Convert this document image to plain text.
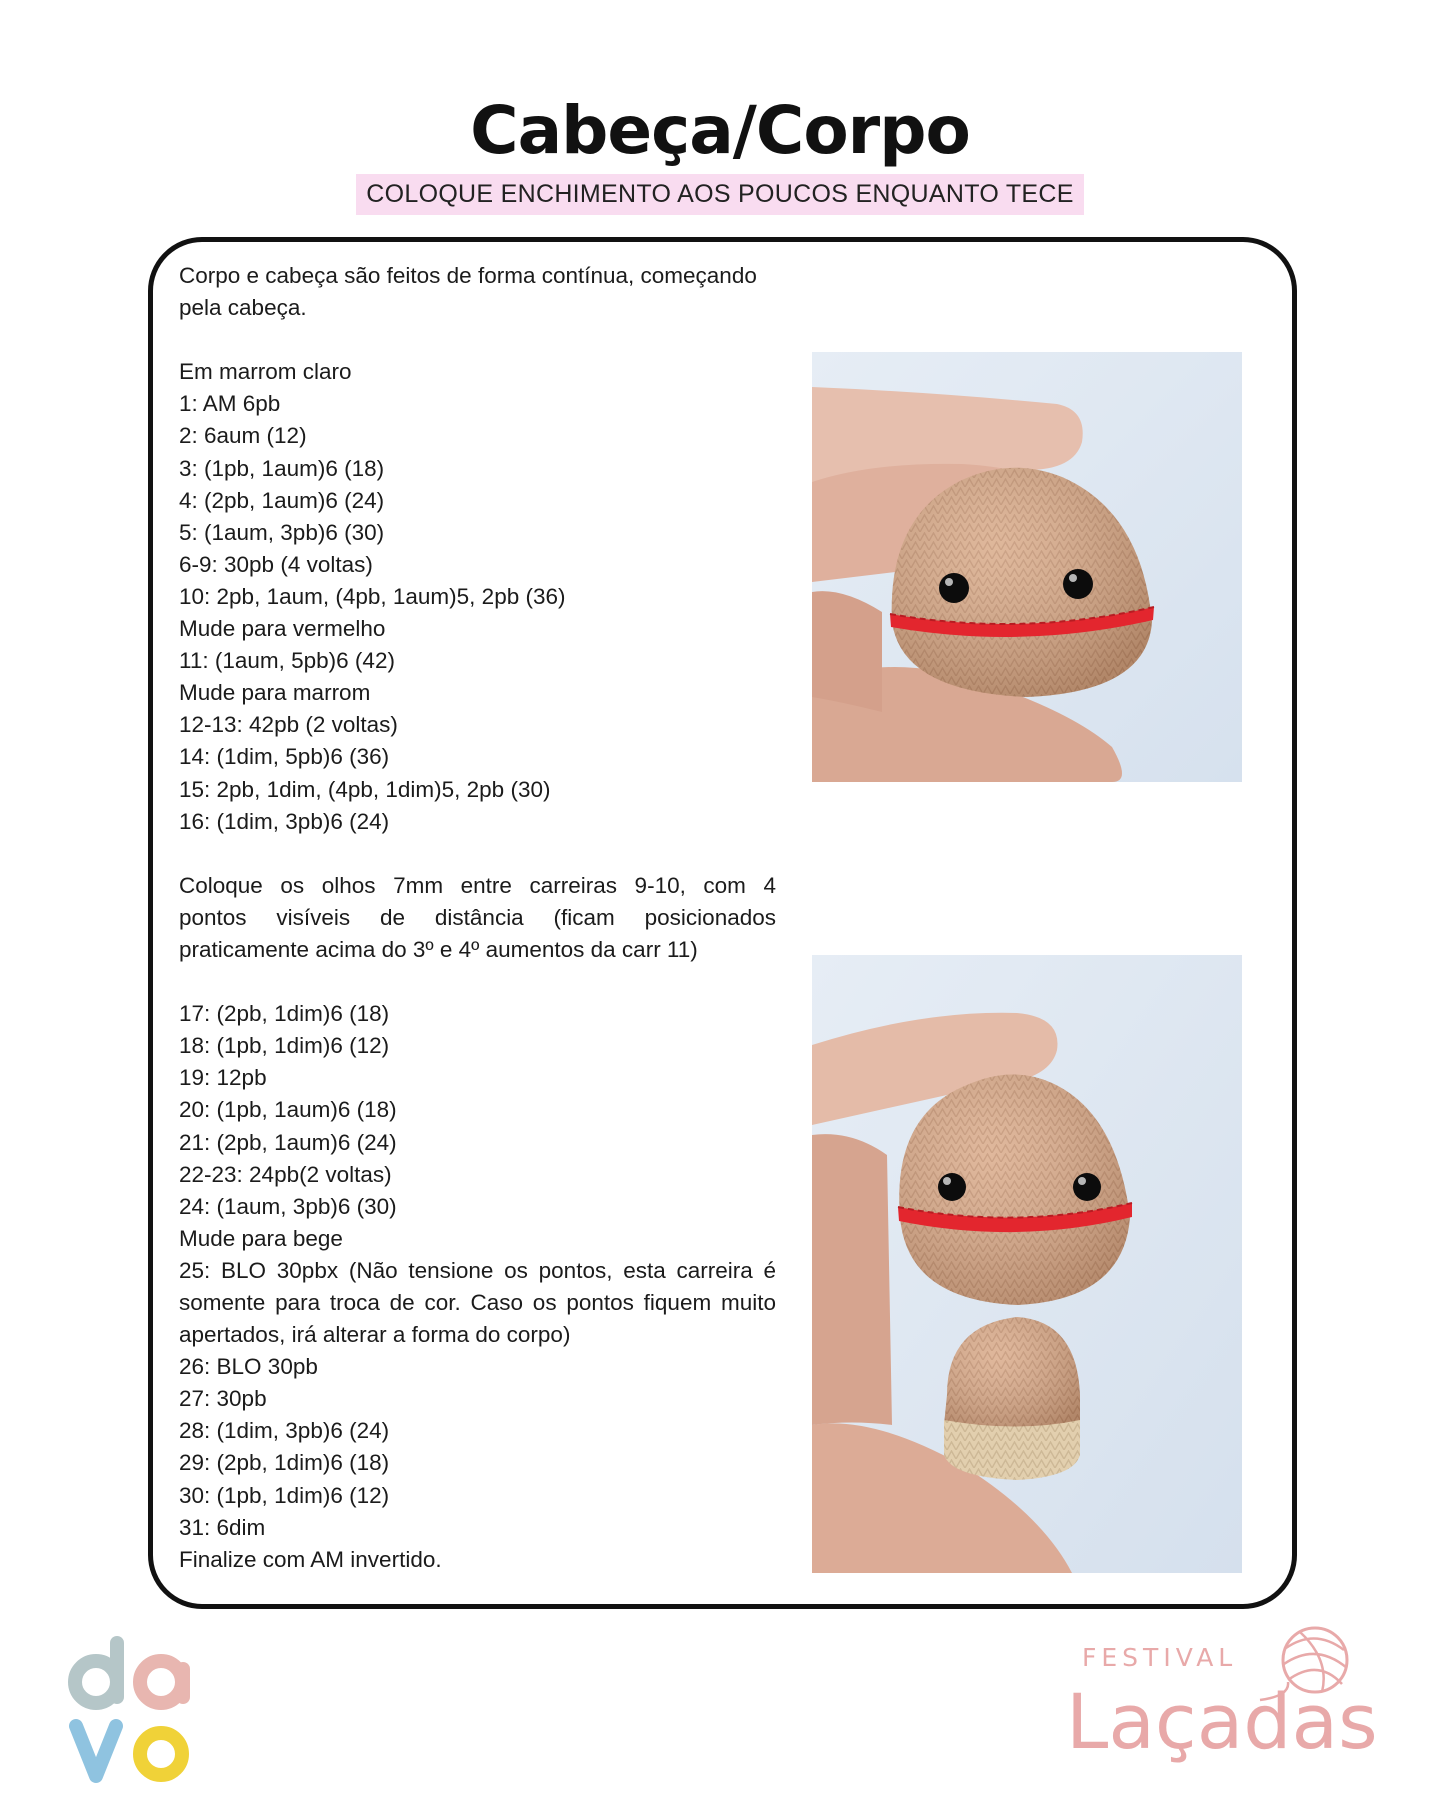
Cabeça/Corpo
COLOQUE ENCHIMENTO AOS POUCOS ENQUANTO TECE
Corpo e cabeça são feitos de forma contínua, começando
pela cabeça.
Em marrom claro
1: AM 6pb
2: 6aum (12)
3: (1pb, 1aum)6 (18)
4: (2pb, 1aum)6 (24)
5: (1aum, 3pb)6 (30)
6-9: 30pb (4 voltas)
10: 2pb, 1aum, (4pb, 1aum)5, 2pb (36)
Mude para vermelho
11: (1aum, 5pb)6 (42)
Mude para marrom
12-13: 42pb (2 voltas)
14: (1dim, 5pb)6 (36)
15: 2pb, 1dim, (4pb, 1dim)5, 2pb (30)
16: (1dim, 3pb)6 (24)
Coloque os olhos 7mm entre carreiras 9-10, com 4
pontos visíveis de distância (ficam posicionados
praticamente acima do 3º e 4º aumentos da carr 11)
17: (2pb, 1dim)6 (18)
18: (1pb, 1dim)6 (12)
19: 12pb
20: (1pb, 1aum)6 (18)
21: (2pb, 1aum)6 (24)
22-23: 24pb(2 voltas)
24: (1aum, 3pb)6 (30)
Mude para bege
25: BLO 30pbx (Não tensione os pontos, esta carreira é
somente para troca de cor. Caso os pontos fiquem muito
apertados, irá alterar a forma do corpo)
26: BLO 30pb
27: 30pb
28: (1dim, 3pb)6 (24)
29: (2pb, 1dim)6 (18)
30: (1pb, 1dim)6 (12)
31: 6dim
Finalize com AM invertido.
FESTIVAL
Laçadas
